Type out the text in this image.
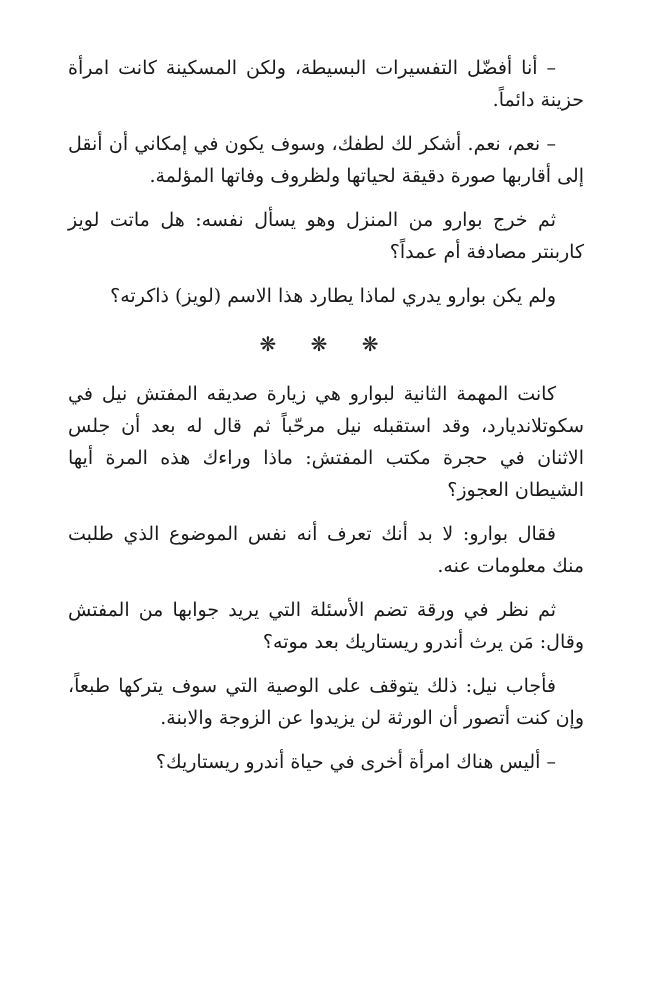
– أنا أفضّل التفسيرات البسيطة، ولكن المسكينة كانت امرأة حزينة دائماً.

– نعم، نعم. أشكر لك لطفك، وسوف يكون في إمكاني أن أنقل إلى أقاربها صورة دقيقة لحياتها ولظروف وفاتها المؤلمة.

ثم خرج بوارو من المنزل وهو يسأل نفسه: هل ماتت لويز كاربنتر مصادفة أم عمداً؟

ولم يكن بوارو يدري لماذا يطارد هذا الاسم (لويز) ذاكرته؟

❋ ❋ ❋

كانت المهمة الثانية لبوارو هي زيارة صديقه المفتش نيل في سكوتلانديارد، وقد استقبله نيل مرحّباً ثم قال له بعد أن جلس الاثنان في حجرة مكتب المفتش: ماذا وراءك هذه المرة أيها الشيطان العجوز؟

فقال بوارو: لا بد أنك تعرف أنه نفس الموضوع الذي طلبت منك معلومات عنه.

ثم نظر في ورقة تضم الأسئلة التي يريد جوابها من المفتش وقال: مَن يرث أندرو ريستاريك بعد موته؟

فأجاب نيل: ذلك يتوقف على الوصية التي سوف يتركها طبعاً، وإن كنت أتصور أن الورثة لن يزيدوا عن الزوجة والابنة.

– أليس هناك امرأة أخرى في حياة أندرو ريستاريك؟
